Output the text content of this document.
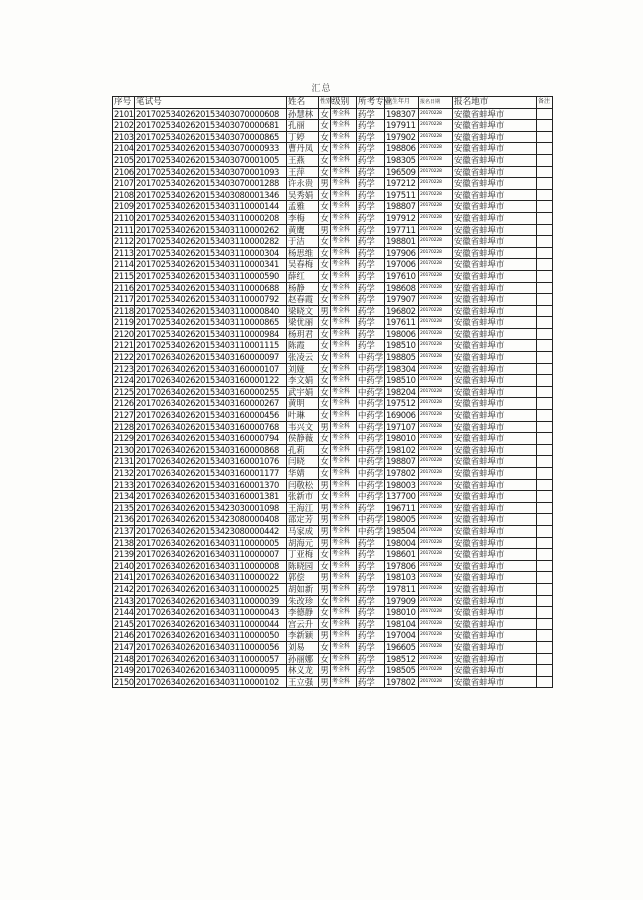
汇总
序号	笔试号	姓名	性别	级别	所考专业	出生年月	报名日期	报名地市	备注
2101	20170253402620153403070000608	孙慧林	女	考全科	药学	198307	20170228	安徽省蚌埠市	
2102	20170253402620153403070000681	孔丽	女	考全科	药学	197911	20170228	安徽省蚌埠市	
2103	20170253402620153403070000865	丁婷	女	考全科	药学	197902	20170228	安徽省蚌埠市	
2104	20170253402620153403070000933	曹丹凤	女	考全科	药学	198806	20170228	安徽省蚌埠市	
2105	20170253402620153403070001005	王燕	女	考全科	药学	198305	20170228	安徽省蚌埠市	
2106	20170253402620153403070001093	王萍	女	考全科	药学	196509	20170228	安徽省蚌埠市	
2107	20170253402620153403070001288	许永贵	男	考全科	药学	197212	20170228	安徽省蚌埠市	
2108	20170253402620153403080001346	吴秀娟	女	考全科	药学	197511	20170228	安徽省蚌埠市	
2109	20170253402620153403110000144	孟雅	女	考全科	药学	198807	20170228	安徽省蚌埠市	
2110	20170253402620153403110000208	李梅	女	考全科	药学	197912	20170228	安徽省蚌埠市	
2111	20170253402620153403110000262	黄鹰	男	考全科	药学	197711	20170228	安徽省蚌埠市	
2112	20170253402620153403110000282	于洁	女	考全科	药学	198801	20170228	安徽省蚌埠市	
2113	20170253402620153403110000304	杨思维	女	考全科	药学	197906	20170228	安徽省蚌埠市	
2114	20170253402620153403110000341	吴春梅	女	考全科	药学	197006	20170228	安徽省蚌埠市	
2115	20170253402620153403110000590	薛红	女	考全科	药学	197610	20170228	安徽省蚌埠市	
2116	20170253402620153403110000688	杨静	女	考全科	药学	198608	20170228	安徽省蚌埠市	
2117	20170253402620153403110000792	赵春霞	女	考全科	药学	197907	20170228	安徽省蚌埠市	
2118	20170253402620153403110000840	梁晓文	男	考全科	药学	196802	20170228	安徽省蚌埠市	
2119	20170253402620153403110000865	梁优丽	女	考全科	药学	197611	20170228	安徽省蚌埠市	
2120	20170253402620153403110000984	杨玥君	女	考全科	药学	198006	20170228	安徽省蚌埠市	
2121	20170253402620153403110001115	陈霞	女	考全科	药学	198510	20170228	安徽省蚌埠市	
2122	20170263402620153403160000097	张凌云	女	考全科	中药学	198805	20170228	安徽省蚌埠市	
2123	20170263402620153403160000107	刘娅	女	考全科	中药学	198304	20170228	安徽省蚌埠市	
2124	20170263402620153403160000122	李文娟	女	考全科	中药学	198510	20170228	安徽省蚌埠市	
2125	20170263402620153403160000255	武宇娟	女	考全科	中药学	198204	20170228	安徽省蚌埠市	
2126	20170263402620153403160000267	黄明	女	考全科	中药学	197512	20170228	安徽省蚌埠市	
2127	20170263402620153403160000456	叶琳	女	考全科	中药学	169006	20170228	安徽省蚌埠市	
2128	20170263402620153403160000768	韦兴文	男	考全科	中药学	197107	20170228	安徽省蚌埠市	
2129	20170263402620153403160000794	侯静薇	女	考全科	中药学	198010	20170228	安徽省蚌埠市	
2130	20170263402620153403160000868	孔莉	女	考全科	中药学	198102	20170228	安徽省蚌埠市	
2131	20170263402620153403160001076	闫晓	女	考全科	中药学	198807	20170228	安徽省蚌埠市	
2132	20170263402620153403160001177	华婧	女	考全科	中药学	197802	20170228	安徽省蚌埠市	
2133	20170263402620153403160001370	闫敬松	男	考全科	中药学	198003	20170228	安徽省蚌埠市	
2134	20170263402620153403160001381	张新市	女	考全科	中药学	137700	20170228	安徽省蚌埠市	
2135	20170263402620153423030001098	王海江	男	考全科	药学	196711	20170228	安徽省蚌埠市	
2136	20170263402620153423080000408	邵定芳	男	考全科	中药学	198005	20170228	安徽省蚌埠市	
2137	20170263402620153423080000442	马家成	男	考全科	中药学	198504	20170228	安徽省蚌埠市	
2138	20170263402620163403110000005	胡海元	男	考全科	药学	198004	20170228	安徽省蚌埠市	
2139	20170263402620163403110000007	丁亚梅	女	考全科	药学	198601	20170228	安徽省蚌埠市	
2140	20170263402620163403110000008	陈晓园	女	考全科	药学	197806	20170228	安徽省蚌埠市	
2141	20170263402620163403110000022	郭偿	男	考全科	药学	198103	20170228	安徽省蚌埠市	
2142	20170263402620163403110000025	胡如新	男	考全科	药学	197811	20170228	安徽省蚌埠市	
2143	20170263402620163403110000039	朱改珍	女	考全科	药学	197909	20170228	安徽省蚌埠市	
2144	20170263402620163403110000043	李德静	女	考全科	药学	198010	20170228	安徽省蚌埠市	
2145	20170263402620163403110000044	宫云升	女	考全科	药学	198104	20170228	安徽省蚌埠市	
2146	20170263402620163403110000050	李新颖	男	考全科	药学	197004	20170228	安徽省蚌埠市	
2147	20170263402620163403110000056	刘易	女	考全科	药学	196605	20170228	安徽省蚌埠市	
2148	20170263402620163403110000057	孙丽娜	女	考全科	药学	198512	20170228	安徽省蚌埠市	
2149	20170263402620163403110000095	林义龙	男	考全科	药学	198505	20170228	安徽省蚌埠市	
2150	20170263402620163403110000102	王立强	男	考全科	药学	197802	20170228	安徽省蚌埠市	
